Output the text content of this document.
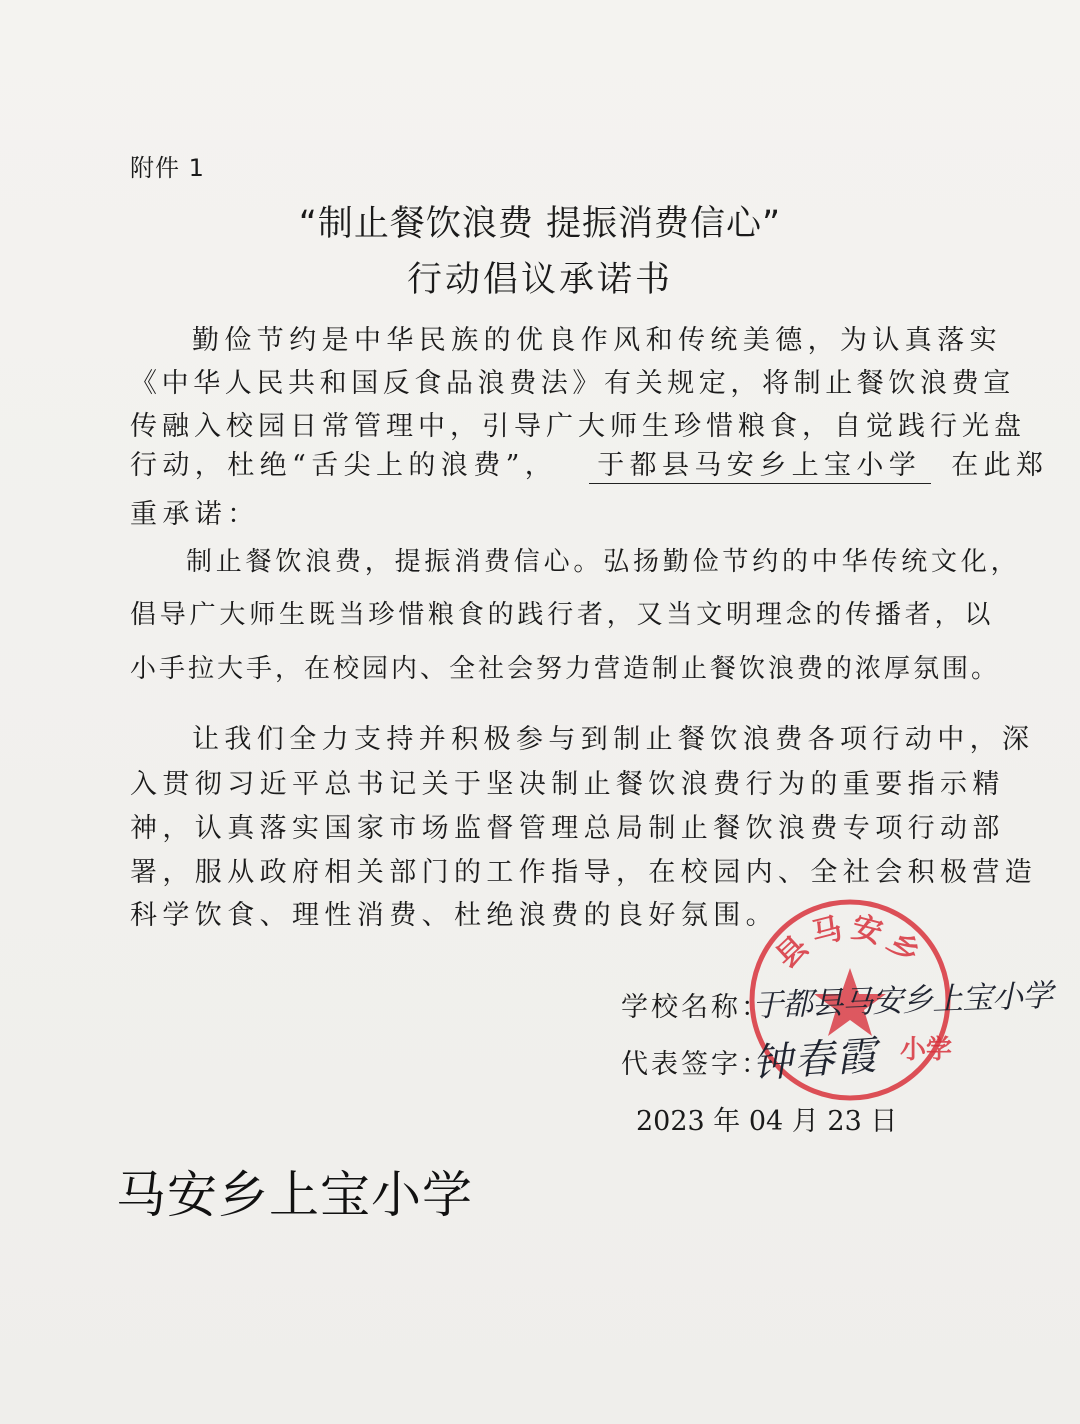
附件 1
“制止餐饮浪费 提振消费信心”
行动倡议承诺书
勤俭节约是中华民族的优良作风和传统美德，为认真落实
《中华人民共和国反食品浪费法》有关规定，将制止餐饮浪费宣
传融入校园日常管理中，引导广大师生珍惜粮食，自觉践行光盘
行动，杜绝“舌尖上的浪费”， 于都县马安乡上宝小学 在此郑
重承诺：
制止餐饮浪费，提振消费信心。弘扬勤俭节约的中华传统文化，
倡导广大师生既当珍惜粮食的践行者，又当文明理念的传播者，以
小手拉大手，在校园内、全社会努力营造制止餐饮浪费的浓厚氛围。
让我们全力支持并积极参与到制止餐饮浪费各项行动中，深
入贯彻习近平总书记关于坚决制止餐饮浪费行为的重要指示精
神，认真落实国家市场监督管理总局制止餐饮浪费专项行动部
署，服从政府相关部门的工作指导，在校园内、全社会积极营造
科学饮食、理性消费、杜绝浪费的良好氛围。
县马安乡
小学
学校名称：
于都县马安乡上宝小学
代表签字：
钟春霞
2023 年 04 月 23 日
马安乡上宝小学
